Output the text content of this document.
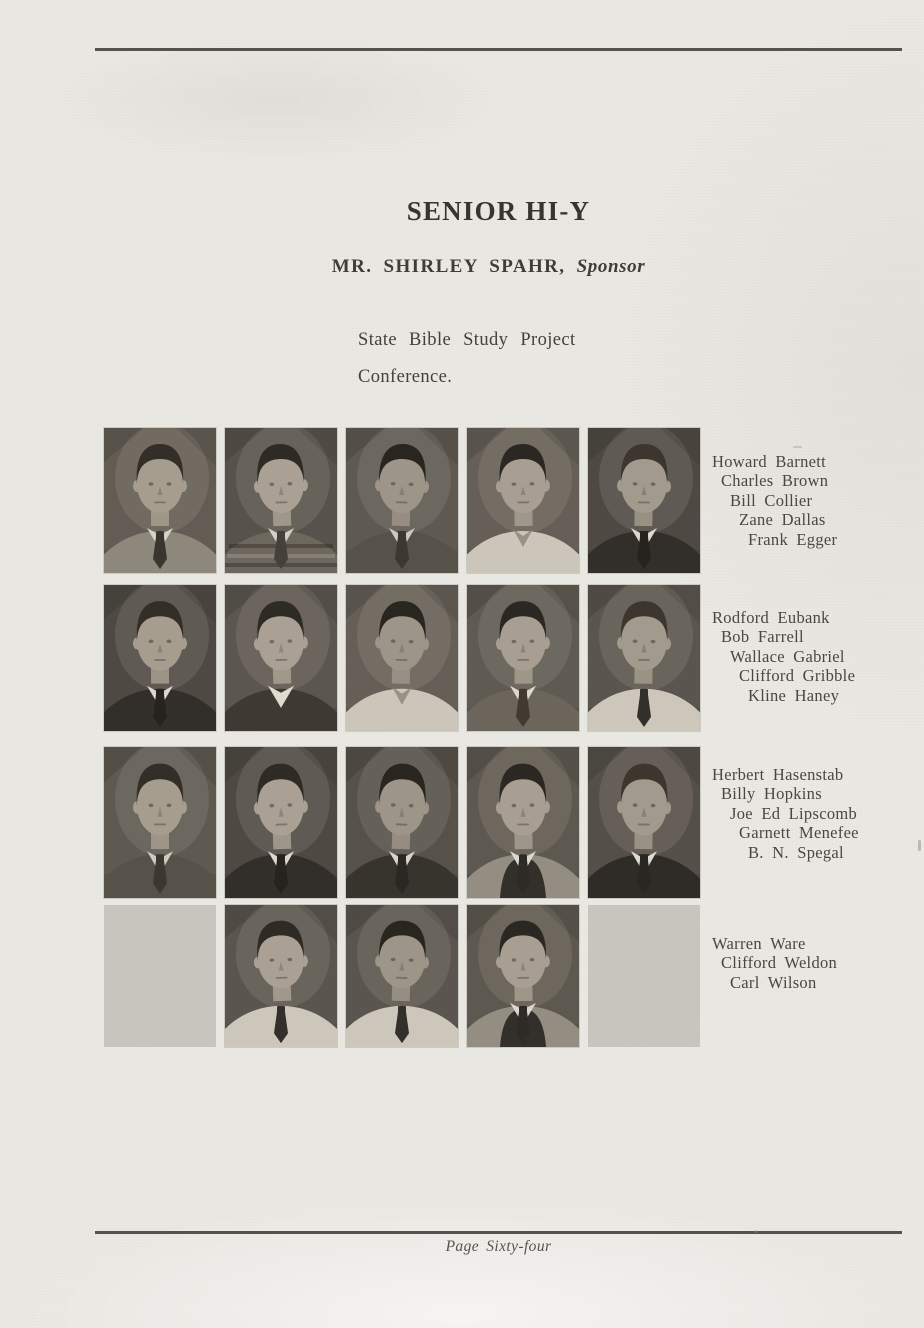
SENIOR HI-Y
MR. SHIRLEY SPAHR, Sponsor
State Bible Study Project
Conference.
Page Sixty-four
Howard Barnett
Charles Brown
Bill Collier
Zane Dallas
Frank Egger
Rodford Eubank
Bob Farrell
Wallace Gabriel
Clifford Gribble
Kline Haney
Herbert Hasenstab
Billy Hopkins
Joe Ed Lipscomb
Garnett Menefee
B. N. Spegal
Warren Ware
Clifford Weldon
Carl Wilson
